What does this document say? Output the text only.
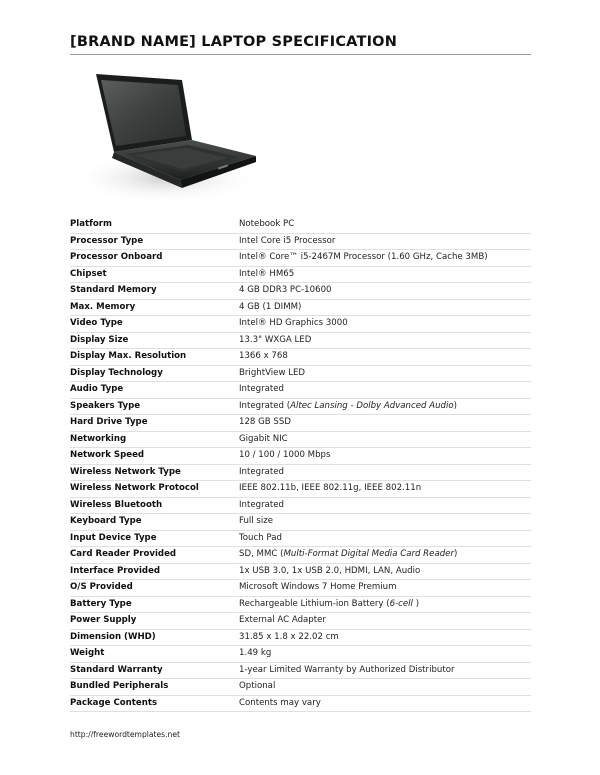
[BRAND NAME] LAPTOP SPECIFICATION
Platform	Notebook PC
Processor Type	Intel Core i5 Processor
Processor Onboard	Intel® Core™ i5-2467M Processor (1.60 GHz, Cache 3MB)
Chipset	Intel® HM65
Standard Memory	4 GB DDR3 PC-10600
Max. Memory	4 GB (1 DIMM)
Video Type	Intel® HD Graphics 3000
Display Size	13.3" WXGA LED
Display Max. Resolution	1366 x 768
Display Technology	BrightView LED
Audio Type	Integrated
Speakers Type	Integrated (Altec Lansing - Dolby Advanced Audio)
Hard Drive Type	128 GB SSD
Networking	Gigabit NIC
Network Speed	10 / 100 / 1000 Mbps
Wireless Network Type	Integrated
Wireless Network Protocol	IEEE 802.11b, IEEE 802.11g, IEEE 802.11n
Wireless Bluetooth	Integrated
Keyboard Type	Full size
Input Device Type	Touch Pad
Card Reader Provided	SD, MMC (Multi-Format Digital Media Card Reader)
Interface Provided	1x USB 3.0, 1x USB 2.0, HDMI, LAN, Audio
O/S Provided	Microsoft Windows 7 Home Premium
Battery Type	Rechargeable Lithium-ion Battery (6-cell )
Power Supply	External AC Adapter
Dimension (WHD)	31.85 x 1.8 x 22.02 cm
Weight	1.49 kg
Standard Warranty	1-year Limited Warranty by Authorized Distributor
Bundled Peripherals	Optional
Package Contents	Contents may vary
http://freewordtemplates.net
